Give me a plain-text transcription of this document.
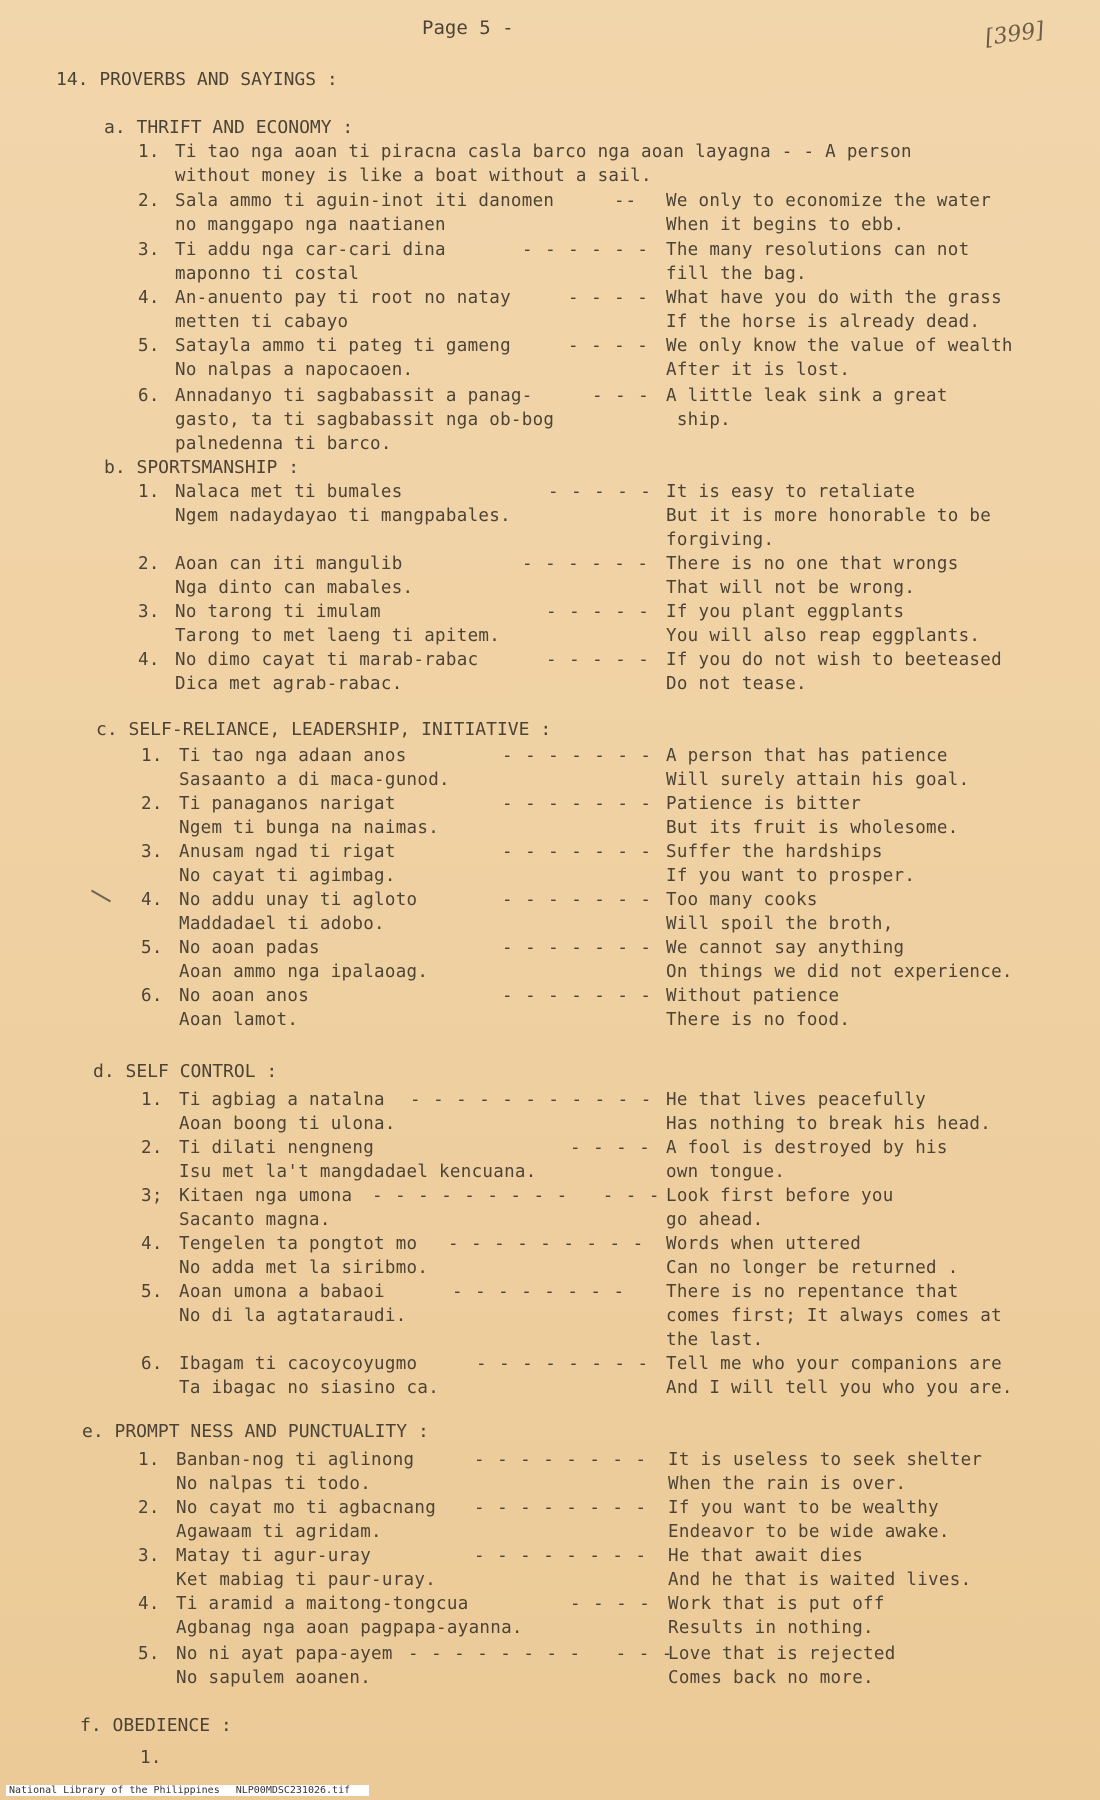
Page 5 -	[399]
14. PROVERBS AND SAYINGS :
a. THRIFT AND ECONOMY :
1. Ti tao nga aoan ti piracna casla barco nga aoan layagna - - A person
without money is like a boat without a sail.
2. Sala ammo ti aguin-inot iti danomen
no manggapo nga naatianen
-- We only to economize the water
When it begins to ebb.
3. Ti addu nga car-cari dina
maponno ti costal
- - - - - - The many resolutions can not
fill the bag.
4. An-anuento pay ti root no natay
metten ti cabayo
- - - - What have you do with the grass
If the horse is already dead.
5. Satayla ammo ti pateg ti gameng
No nalpas a napocaoen.
- - - - We only know the value of wealth
After it is lost.
6. Annadanyo ti sagbabassit a panag-
gasto, ta ti sagbabassit nga ob-bog
palnedenna ti barco.
- - - A little leak sink a great
ship.
b. SPORTSMANSHIP :
1. Nalaca met ti bumales
Ngem nadaydayao ti mangpabales.
- - - - - It is easy to retaliate
But it is more honorable to be
forgiving.
2. Aoan can iti mangulib
Nga dinto can mabales.
- - - - - - There is no one that wrongs
That will not be wrong.
3. No tarong ti imulam
Tarong to met laeng ti apitem.
- - - - - If you plant eggplants
You will also reap eggplants.
4. No dimo cayat ti marab-rabac
Dica met agrab-rabac.
- - - - - If you do not wish to beeteased
Do not tease.
c. SELF-RELIANCE, LEADERSHIP, INITIATIVE :
1. Ti tao nga adaan anos
Sasaanto a di maca-gunod.
- - - - - - - A person that has patience
Will surely attain his goal.
2. Ti panaganos narigat
Ngem ti bunga na naimas.
- - - - - - - Patience is bitter
But its fruit is wholesome.
3. Anusam ngad ti rigat
No cayat ti agimbag.
- - - - - - - Suffer the hardships
If you want to prosper.
4. No addu unay ti agloto
Maddadael ti adobo.
- - - - - - - Too many cooks
Will spoil the broth,
5. No aoan padas
Aoan ammo nga ipalaoag.
- - - - - - - We cannot say anything
On things we did not experience.
6. No aoan anos
Aoan lamot.
- - - - - - - Without patience
There is no food.
d. SELF CONTROL :
1. Ti agbiag a natalna
Aoan boong ti ulona.
- - - - - - - - - - - He that lives peacefully
Has nothing to break his head.
2. Ti dilati nengneng
Isu met la't mangdadael kencuana.
- - - - A fool is destroyed by his
own tongue.
3; Kitaen nga umona
Sacanto magna.
- - - - - - - - -   - - - Look first before you
go ahead.
4. Tengelen ta pongtot mo
No adda met la siribmo.
- - - - - - - - - Words when uttered
Can no longer be returned .
5. Aoan umona a babaoi
No di la agtataraudi.
- - - - - - - - There is no repentance that
comes first; It always comes at
the last.
6. Ibagam ti cacoycoyugmo
Ta ibagac no siasino ca.
- - - - - - - - Tell me who your companions are
And I will tell you who you are.
e. PROMPT NESS AND PUNCTUALITY :
1. Banban-nog ti aglinong
No nalpas ti todo.
- - - - - - - - It is useless to seek shelter
When the rain is over.
2. No cayat mo ti agbacnang
Agawaam ti agridam.
- - - - - - - - If you want to be wealthy
Endeavor to be wide awake.
3. Matay ti agur-uray
Ket mabiag ti paur-uray.
- - - - - - - - He that await dies
And he that is waited lives.
4. Ti aramid a maitong-tongcua
Agbanag nga aoan pagpapa-ayanna.
- - - - Work that is put off
Results in nothing.
5. No ni ayat papa-ayem
No sapulem aoanen.
- - - - - - - -   - - -
Love that is rejected
Comes back no more.
f. OBEDIENCE :
1.
National Library of the Philippines NLP00MDSC231026.tif
